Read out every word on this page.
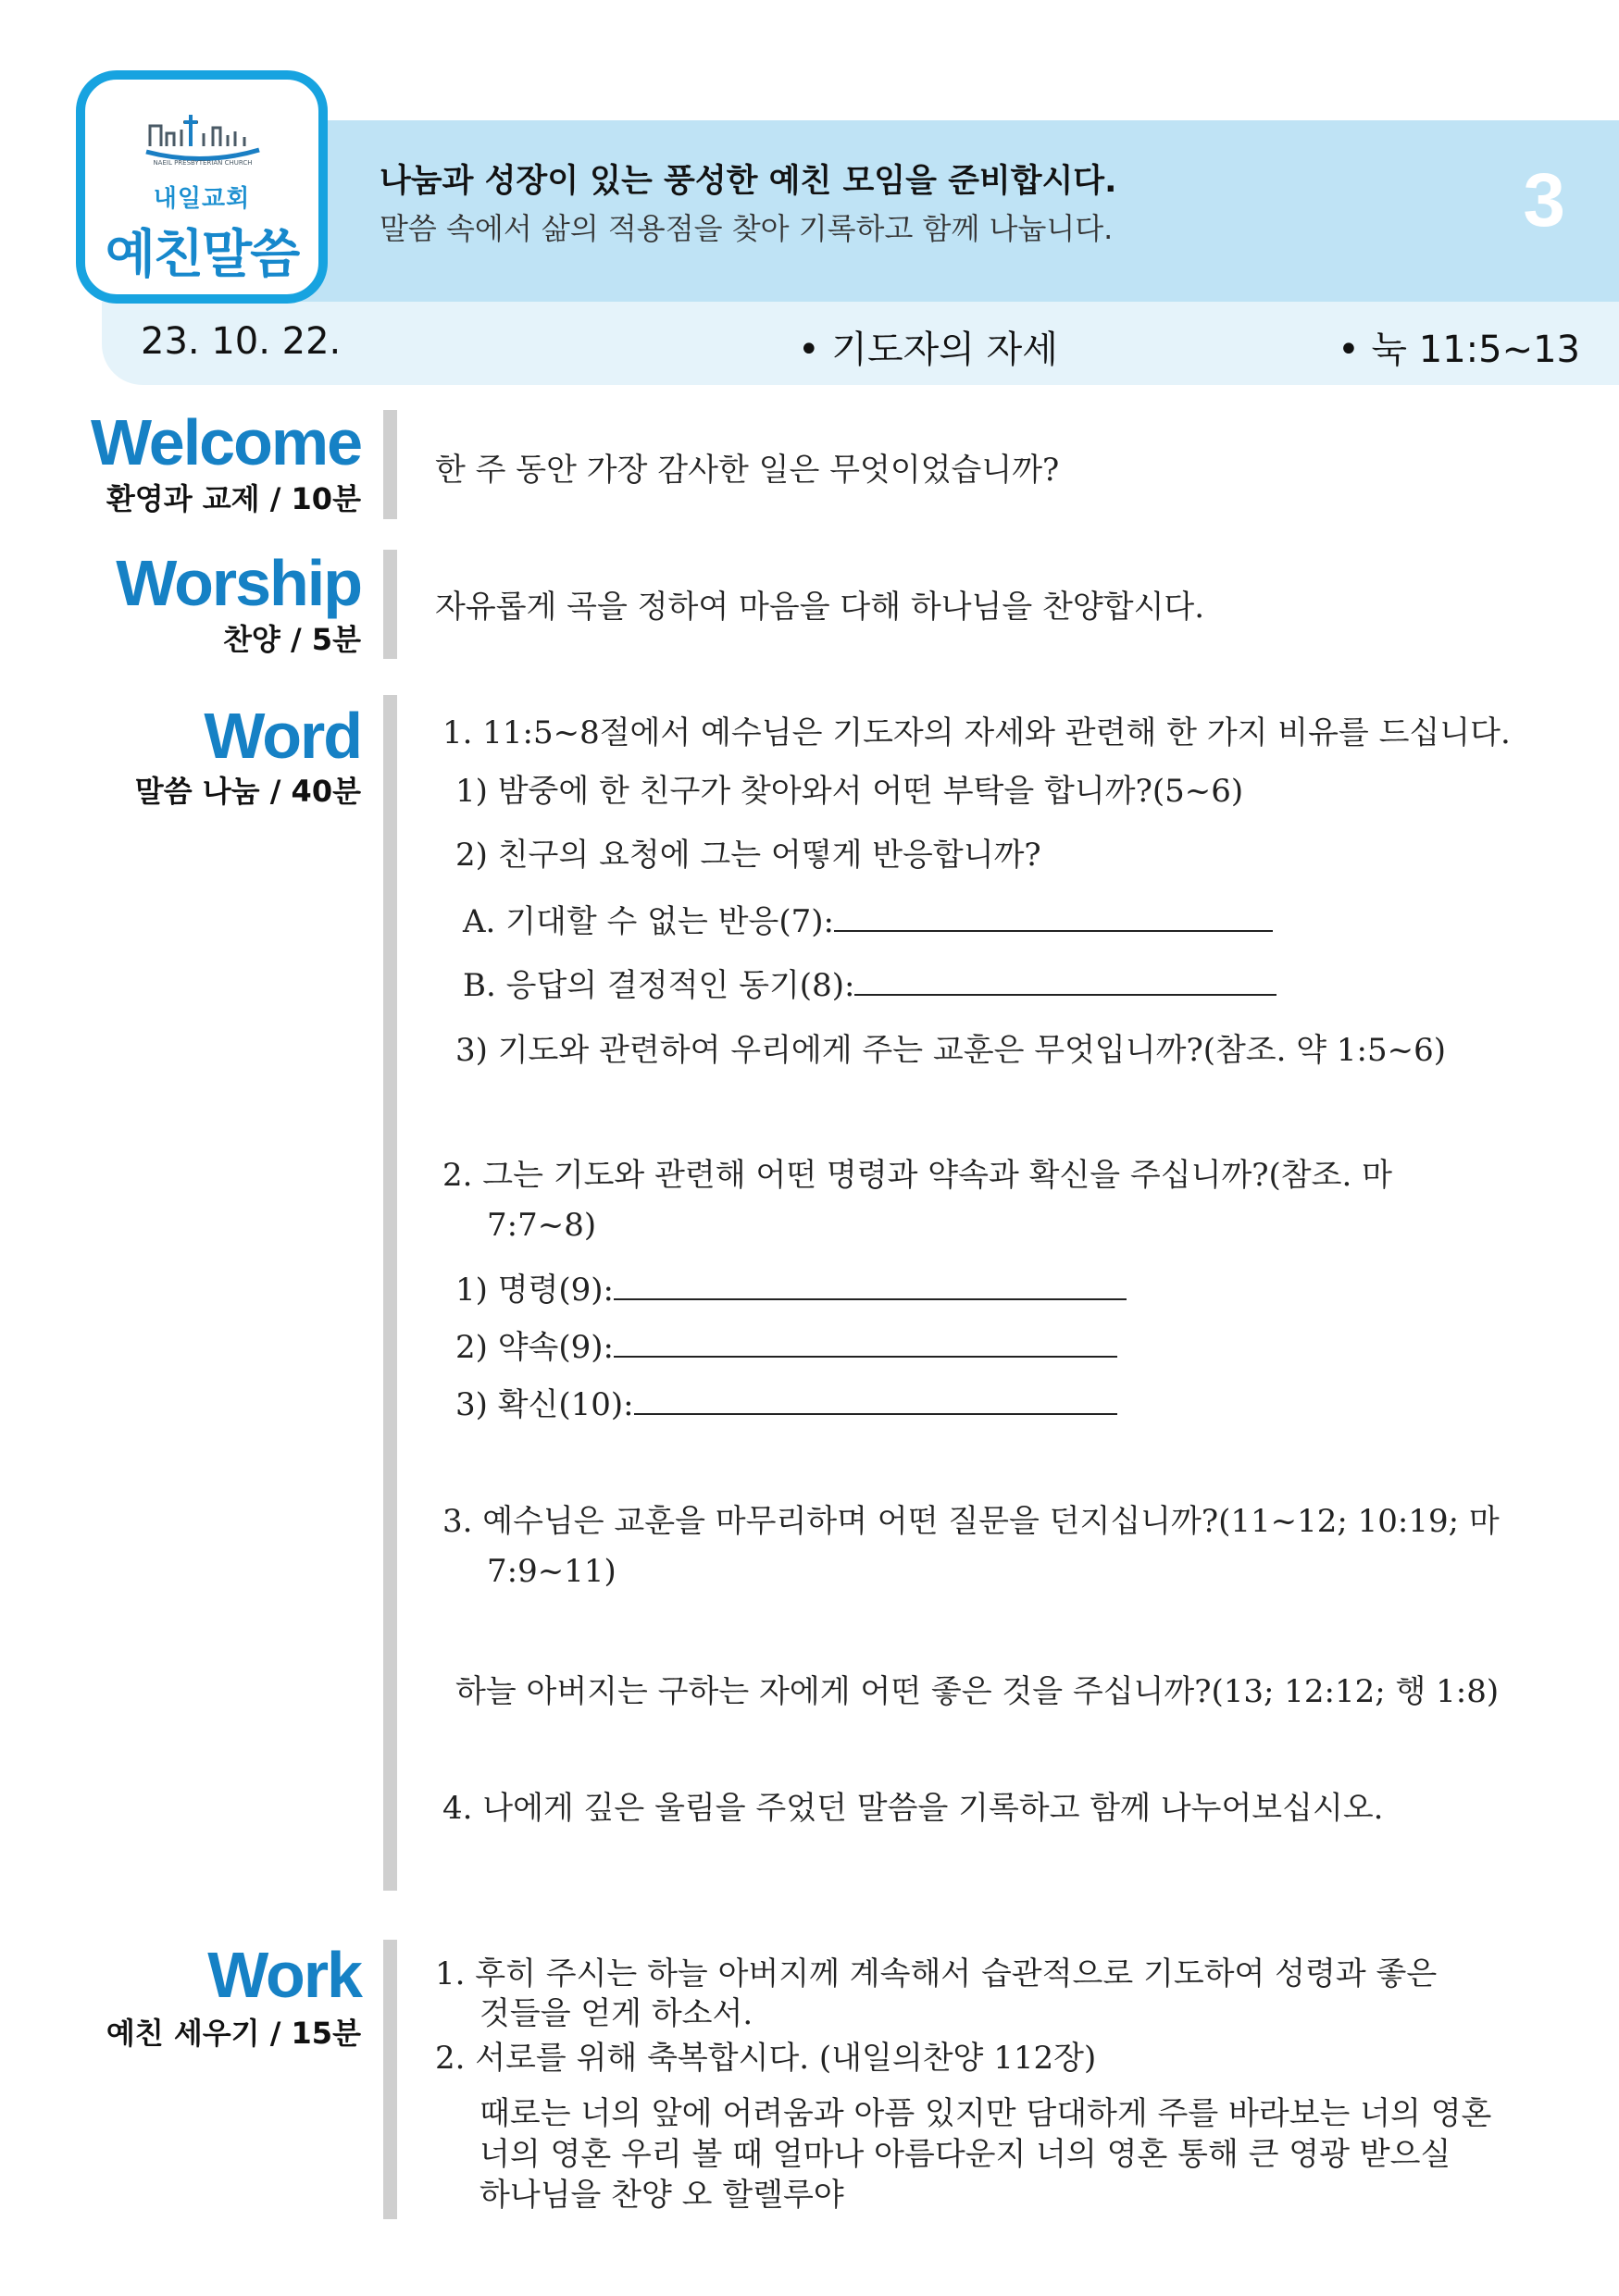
나눔과 성장이 있는 풍성한 예친 모임을 준비합시다.
말씀 속에서 삶의 적용점을 찾아 기록하고 함께 나눕니다.	3
NAEIL PRESBYTERIAN CHURCH
내일교회
예친말씀
23. 10. 22.	• 기도자의 자세	• 눅 11:5~13
Welcome
환영과 교제 / 10분
한 주 동안 가장 감사한 일은 무엇이었습니까?
Worship
찬양 / 5분
자유롭게 곡을 정하여 마음을 다해 하나님을 찬양합시다.
Word
말씀 나눔 / 40분
1. 11:5~8절에서 예수님은 기도자의 자세와 관련해 한 가지 비유를 드십니다.
1) 밤중에 한 친구가 찾아와서 어떤 부탁을 합니까?(5~6)
2) 친구의 요청에 그는 어떻게 반응합니까?
A. 기대할 수 없는 반응(7):
B. 응답의 결정적인 동기(8):
3) 기도와 관련하여 우리에게 주는 교훈은 무엇입니까?(참조. 약 1:5~6)
2. 그는 기도와 관련해 어떤 명령과 약속과 확신을 주십니까?(참조. 마
7:7~8)
1) 명령(9):
2) 약속(9):
3) 확신(10):
3. 예수님은 교훈을 마무리하며 어떤 질문을 던지십니까?(11~12; 10:19; 마
7:9~11)
하늘 아버지는 구하는 자에게 어떤 좋은 것을 주십니까?(13; 12:12; 행 1:8)
4. 나에게 깊은 울림을 주었던 말씀을 기록하고 함께 나누어보십시오.
Work
예친 세우기 / 15분
1. 후히 주시는 하늘 아버지께 계속해서 습관적으로 기도하여 성령과 좋은
것들을 얻게 하소서.
2. 서로를 위해 축복합시다. (내일의찬양 112장)
때로는 너의 앞에 어려움과 아픔 있지만 담대하게 주를 바라보는 너의 영혼
너의 영혼 우리 볼 때 얼마나 아름다운지 너의 영혼 통해 큰 영광 받으실
하나님을 찬양 오 할렐루야
